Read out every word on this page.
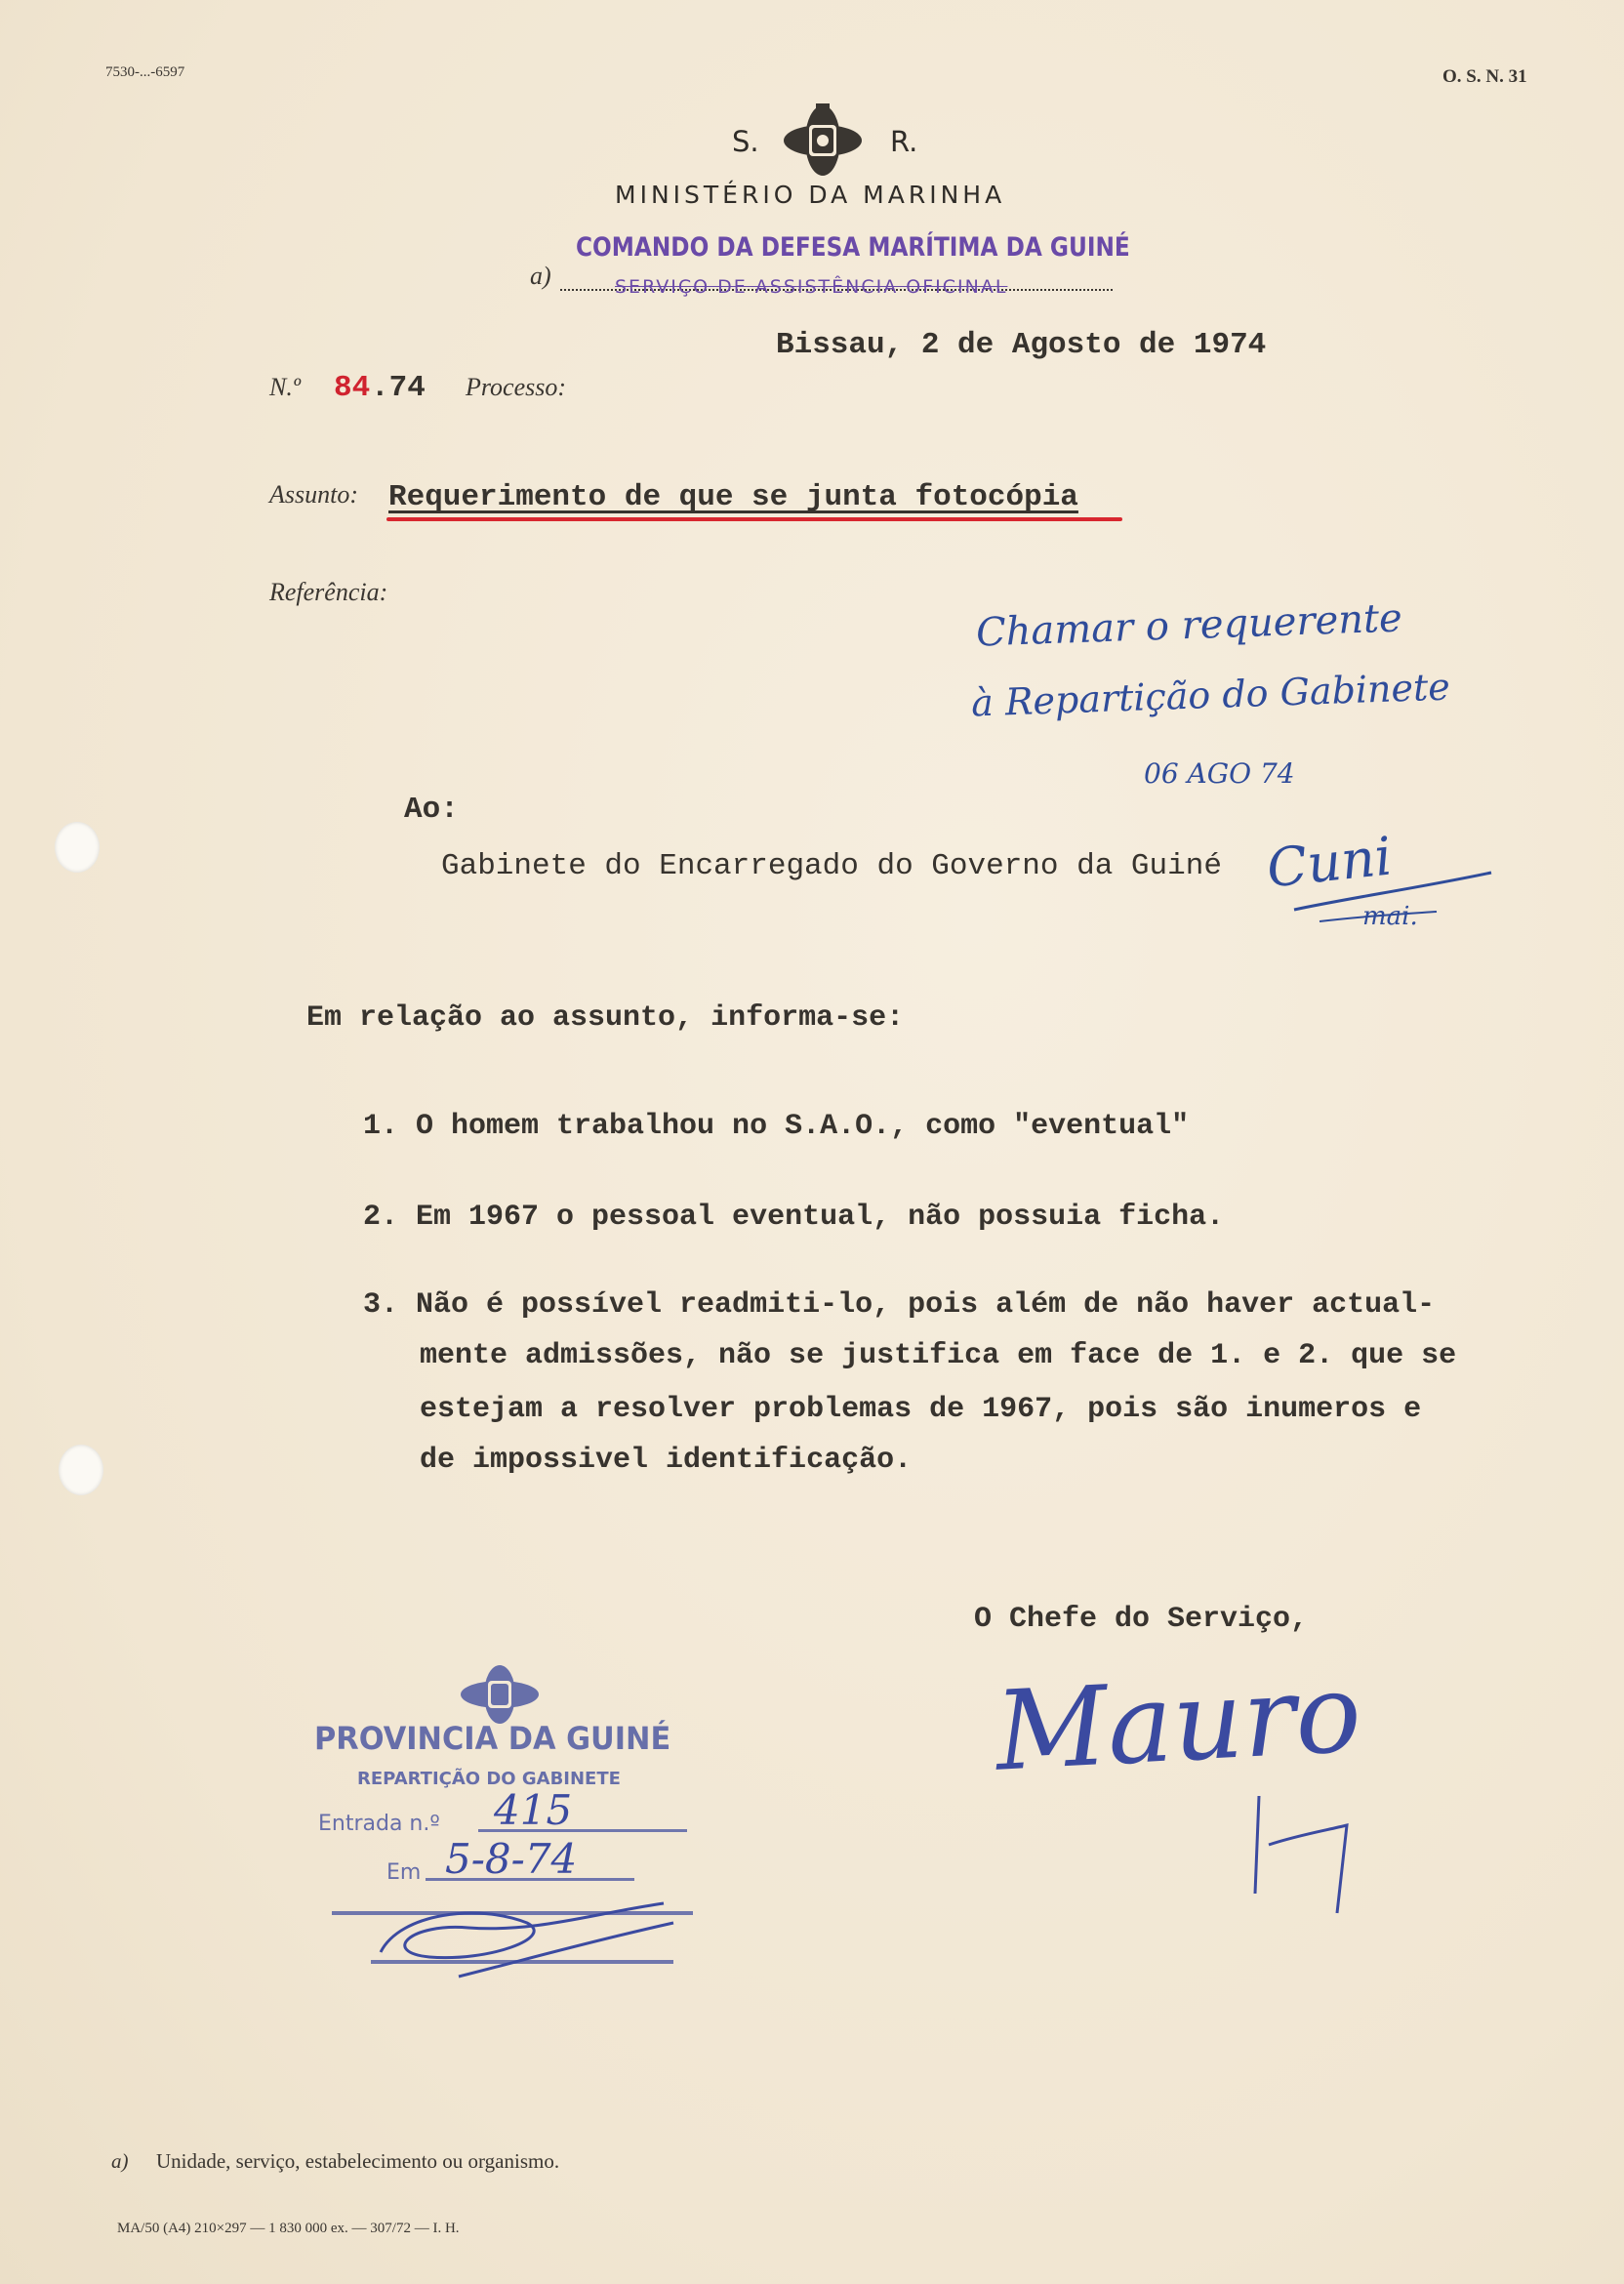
7530-...-6597	O. S. N. 31
S.	R.
MINISTÉRIO DA MARINHA
COMANDO DA DEFESA MARÍTIMA DA GUINÉ
a)	SERVIÇO DE ASSISTÊNCIA OFICINAL
Bissau, 2 de Agosto de 1974
N.º 84 .74 Processo:
Assunto: Requerimento de que se junta fotocópia
Referência:
Chamar o requerente
à Repartição do Gabinete
06 AGO 74
Cuni
mai.
Ao:
Gabinete do Encarregado do Governo da Guiné
Em relação ao assunto, informa-se:
1. O homem trabalhou no S.A.O., como "eventual"
2. Em 1967 o pessoal eventual, não possuia ficha.
3. Não é possível readmiti-lo, pois além de não haver actual-
mente admissões, não se justifica em face de 1. e 2. que se
estejam a resolver problemas de 1967, pois são inumeros e
de impossivel identificação.
O Chefe do Serviço,
Mauro
PROVINCIA DA GUINÉ
REPARTIÇÃO DO GABINETE
Entrada n.º 415
Em 5-8-74
a) Unidade, serviço, estabelecimento ou organismo.
MA/50 (A4) 210×297 — 1 830 000 ex. — 307/72 — I. H.
